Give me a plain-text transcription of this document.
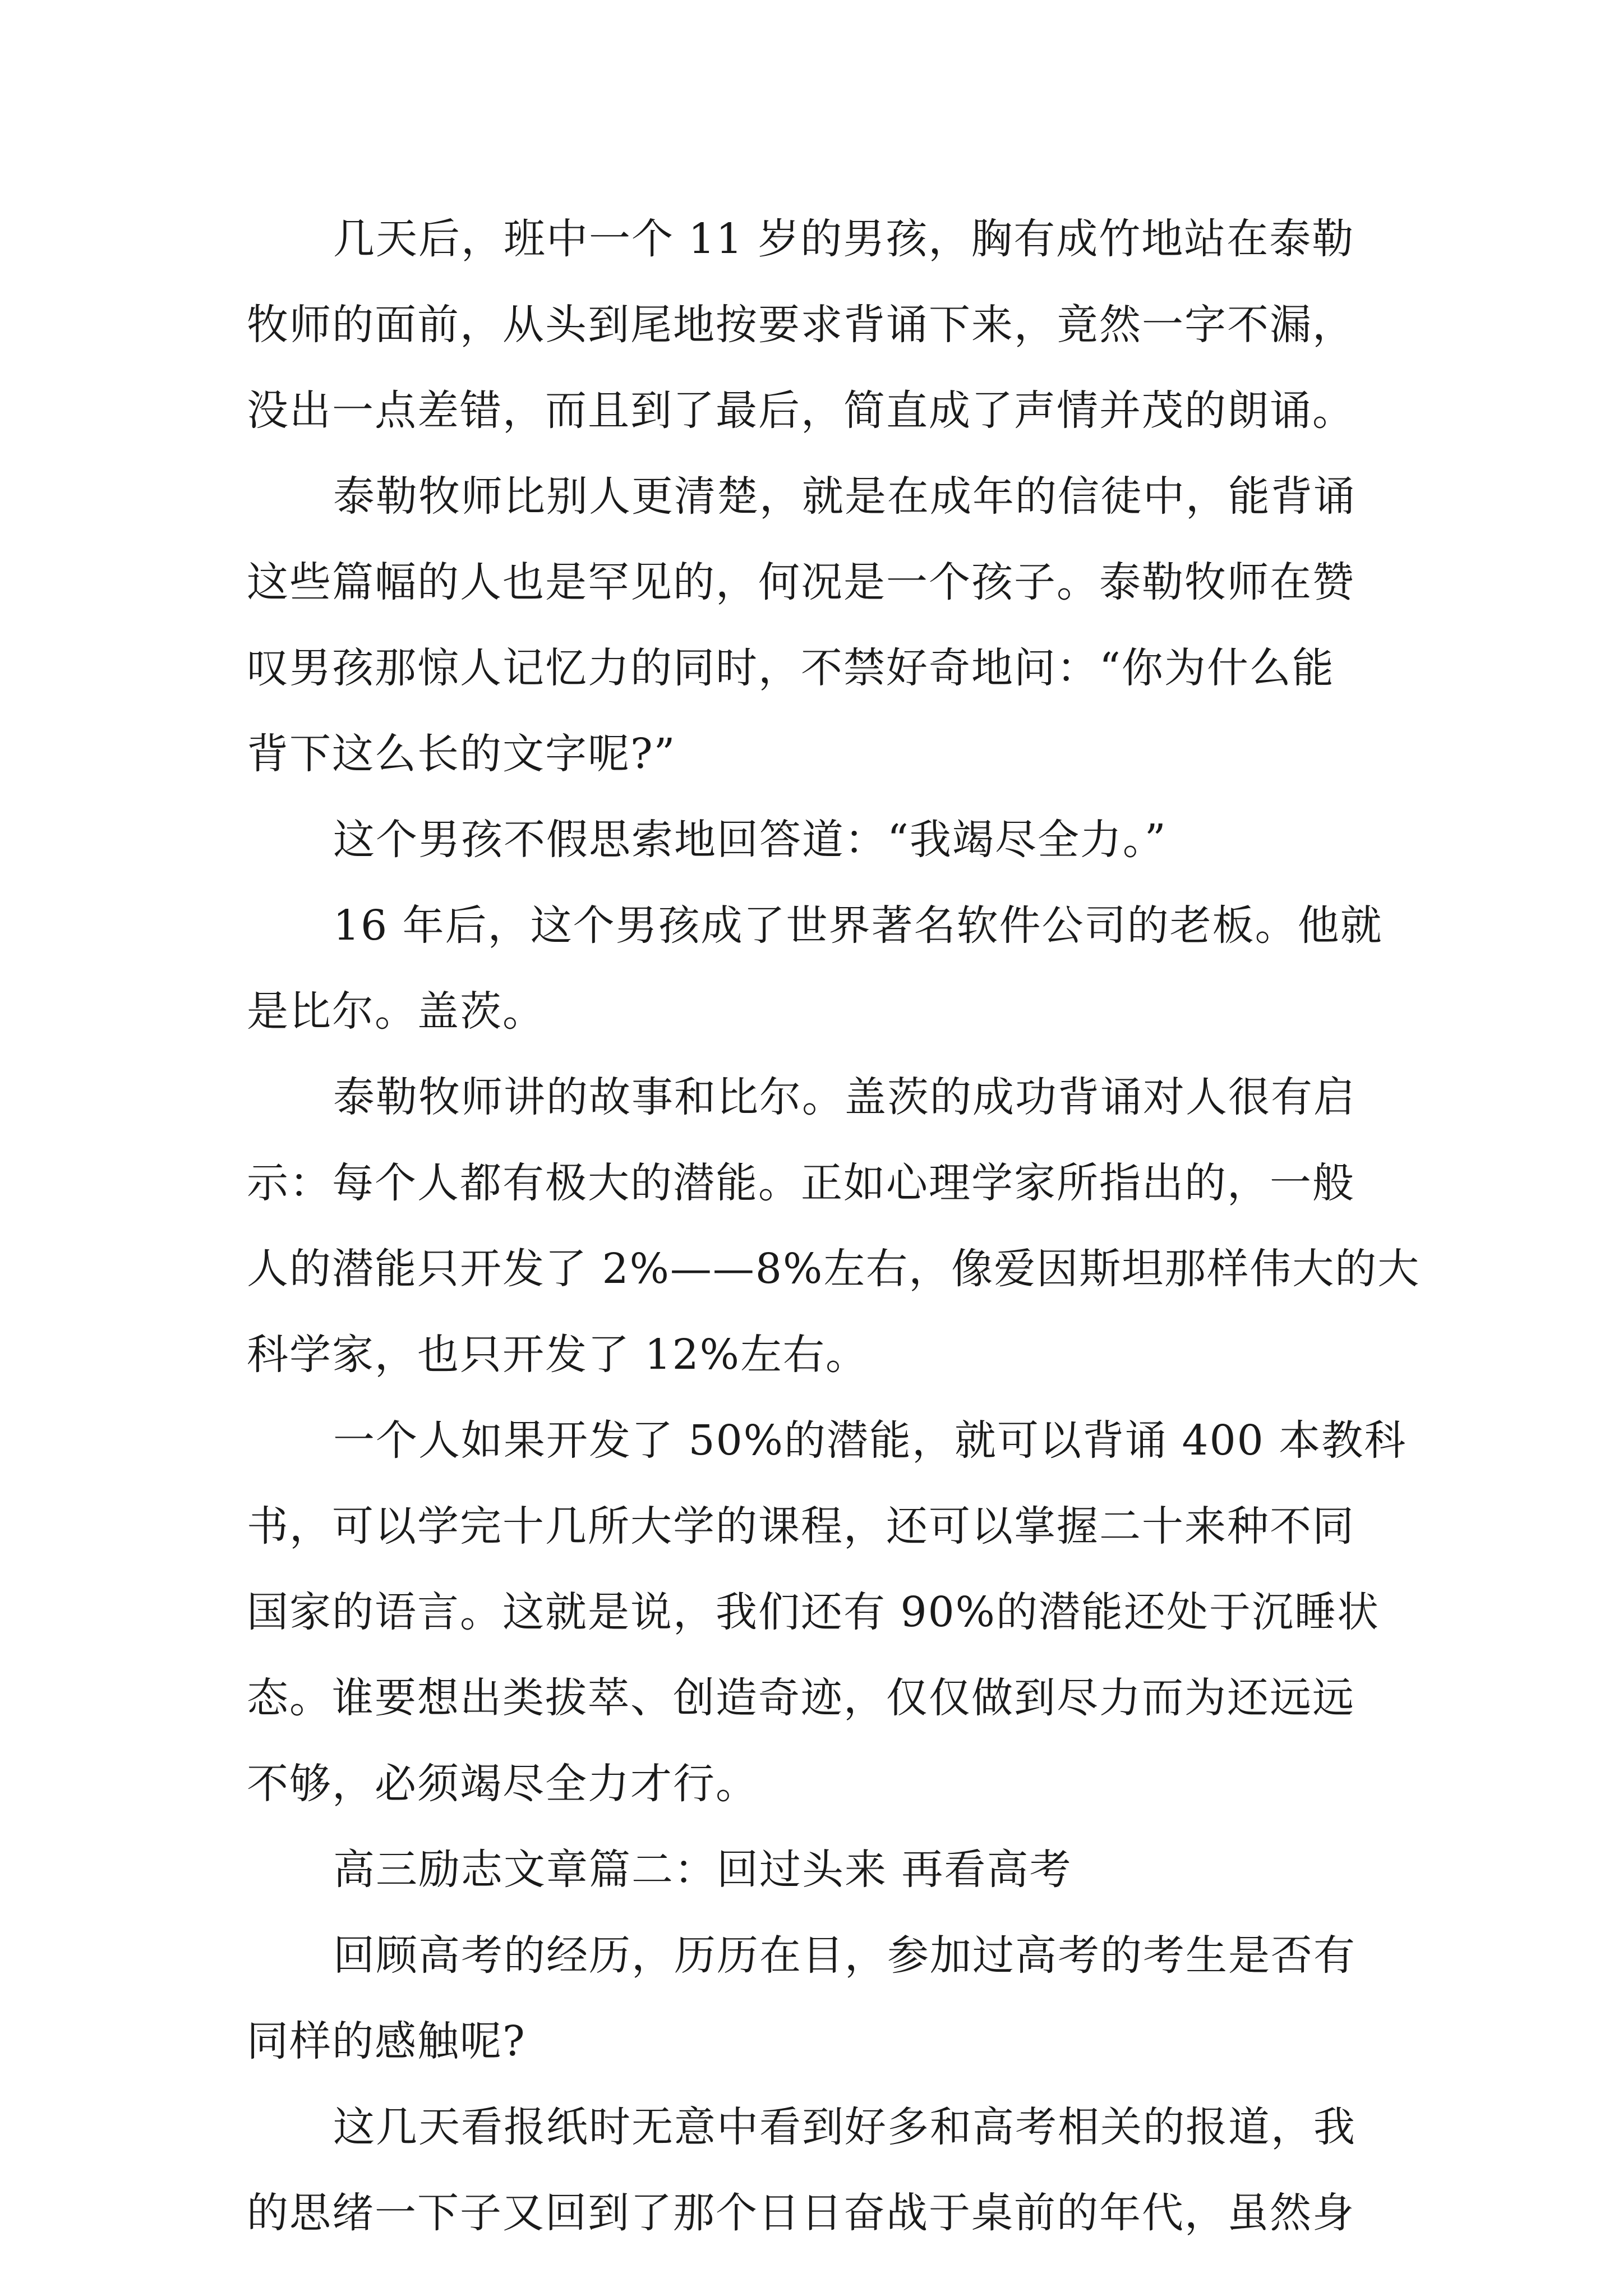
几天后，班中一个 11 岁的男孩，胸有成竹地站在泰勒
牧师的面前，从头到尾地按要求背诵下来，竟然一字不漏，
没出一点差错，而且到了最后，简直成了声情并茂的朗诵。
泰勒牧师比别人更清楚，就是在成年的信徒中，能背诵
这些篇幅的人也是罕见的，何况是一个孩子。泰勒牧师在赞
叹男孩那惊人记忆力的同时，不禁好奇地问：“你为什么能
背下这么长的文字呢?”
这个男孩不假思索地回答道：“我竭尽全力。”
16 年后，这个男孩成了世界著名软件公司的老板。他就
是比尔。盖茨。
泰勒牧师讲的故事和比尔。盖茨的成功背诵对人很有启
示：每个人都有极大的潜能。正如心理学家所指出的，一般
人的潜能只开发了 2%——8%左右，像爱因斯坦那样伟大的大
科学家，也只开发了 12%左右。
一个人如果开发了 50%的潜能，就可以背诵 400 本教科
书，可以学完十几所大学的课程，还可以掌握二十来种不同
国家的语言。这就是说，我们还有 90%的潜能还处于沉睡状
态。谁要想出类拔萃、创造奇迹，仅仅做到尽力而为还远远
不够，必须竭尽全力才行。
高三励志文章篇二：回过头来 再看高考
回顾高考的经历，历历在目，参加过高考的考生是否有
同样的感触呢?
这几天看报纸时无意中看到好多和高考相关的报道，我
的思绪一下子又回到了那个日日奋战于桌前的年代，虽然身
